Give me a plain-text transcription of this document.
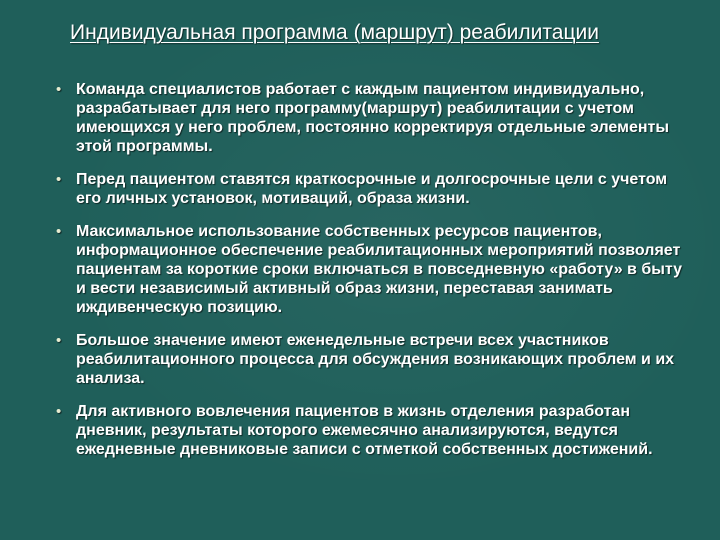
Индивидуальная программа (маршрут) реабилитации
• Команда специалистов работает с каждым пациентом индивидуально, разрабатывает для него программу(маршрут) реабилитации с учетом имеющихся у него проблем, постоянно корректируя отдельные элементы этой программы.
• Перед пациентом ставятся краткосрочные и долгосрочные цели с учетом его личных установок, мотиваций, образа жизни.
• Максимальное использование собственных ресурсов пациентов, информационное обеспечение реабилитационных мероприятий позволяет пациентам за короткие сроки включаться в повседневную «работу» в быту и вести независимый активный образ жизни, переставая занимать иждивенческую позицию.
• Большое значение имеют еженедельные встречи всех участников реабилитационного процесса для обсуждения возникающих проблем и их анализа.
• Для активного вовлечения пациентов в жизнь отделения разработан дневник, результаты которого ежемесячно анализируются, ведутся ежедневные дневниковые записи с отметкой собственных достижений.
